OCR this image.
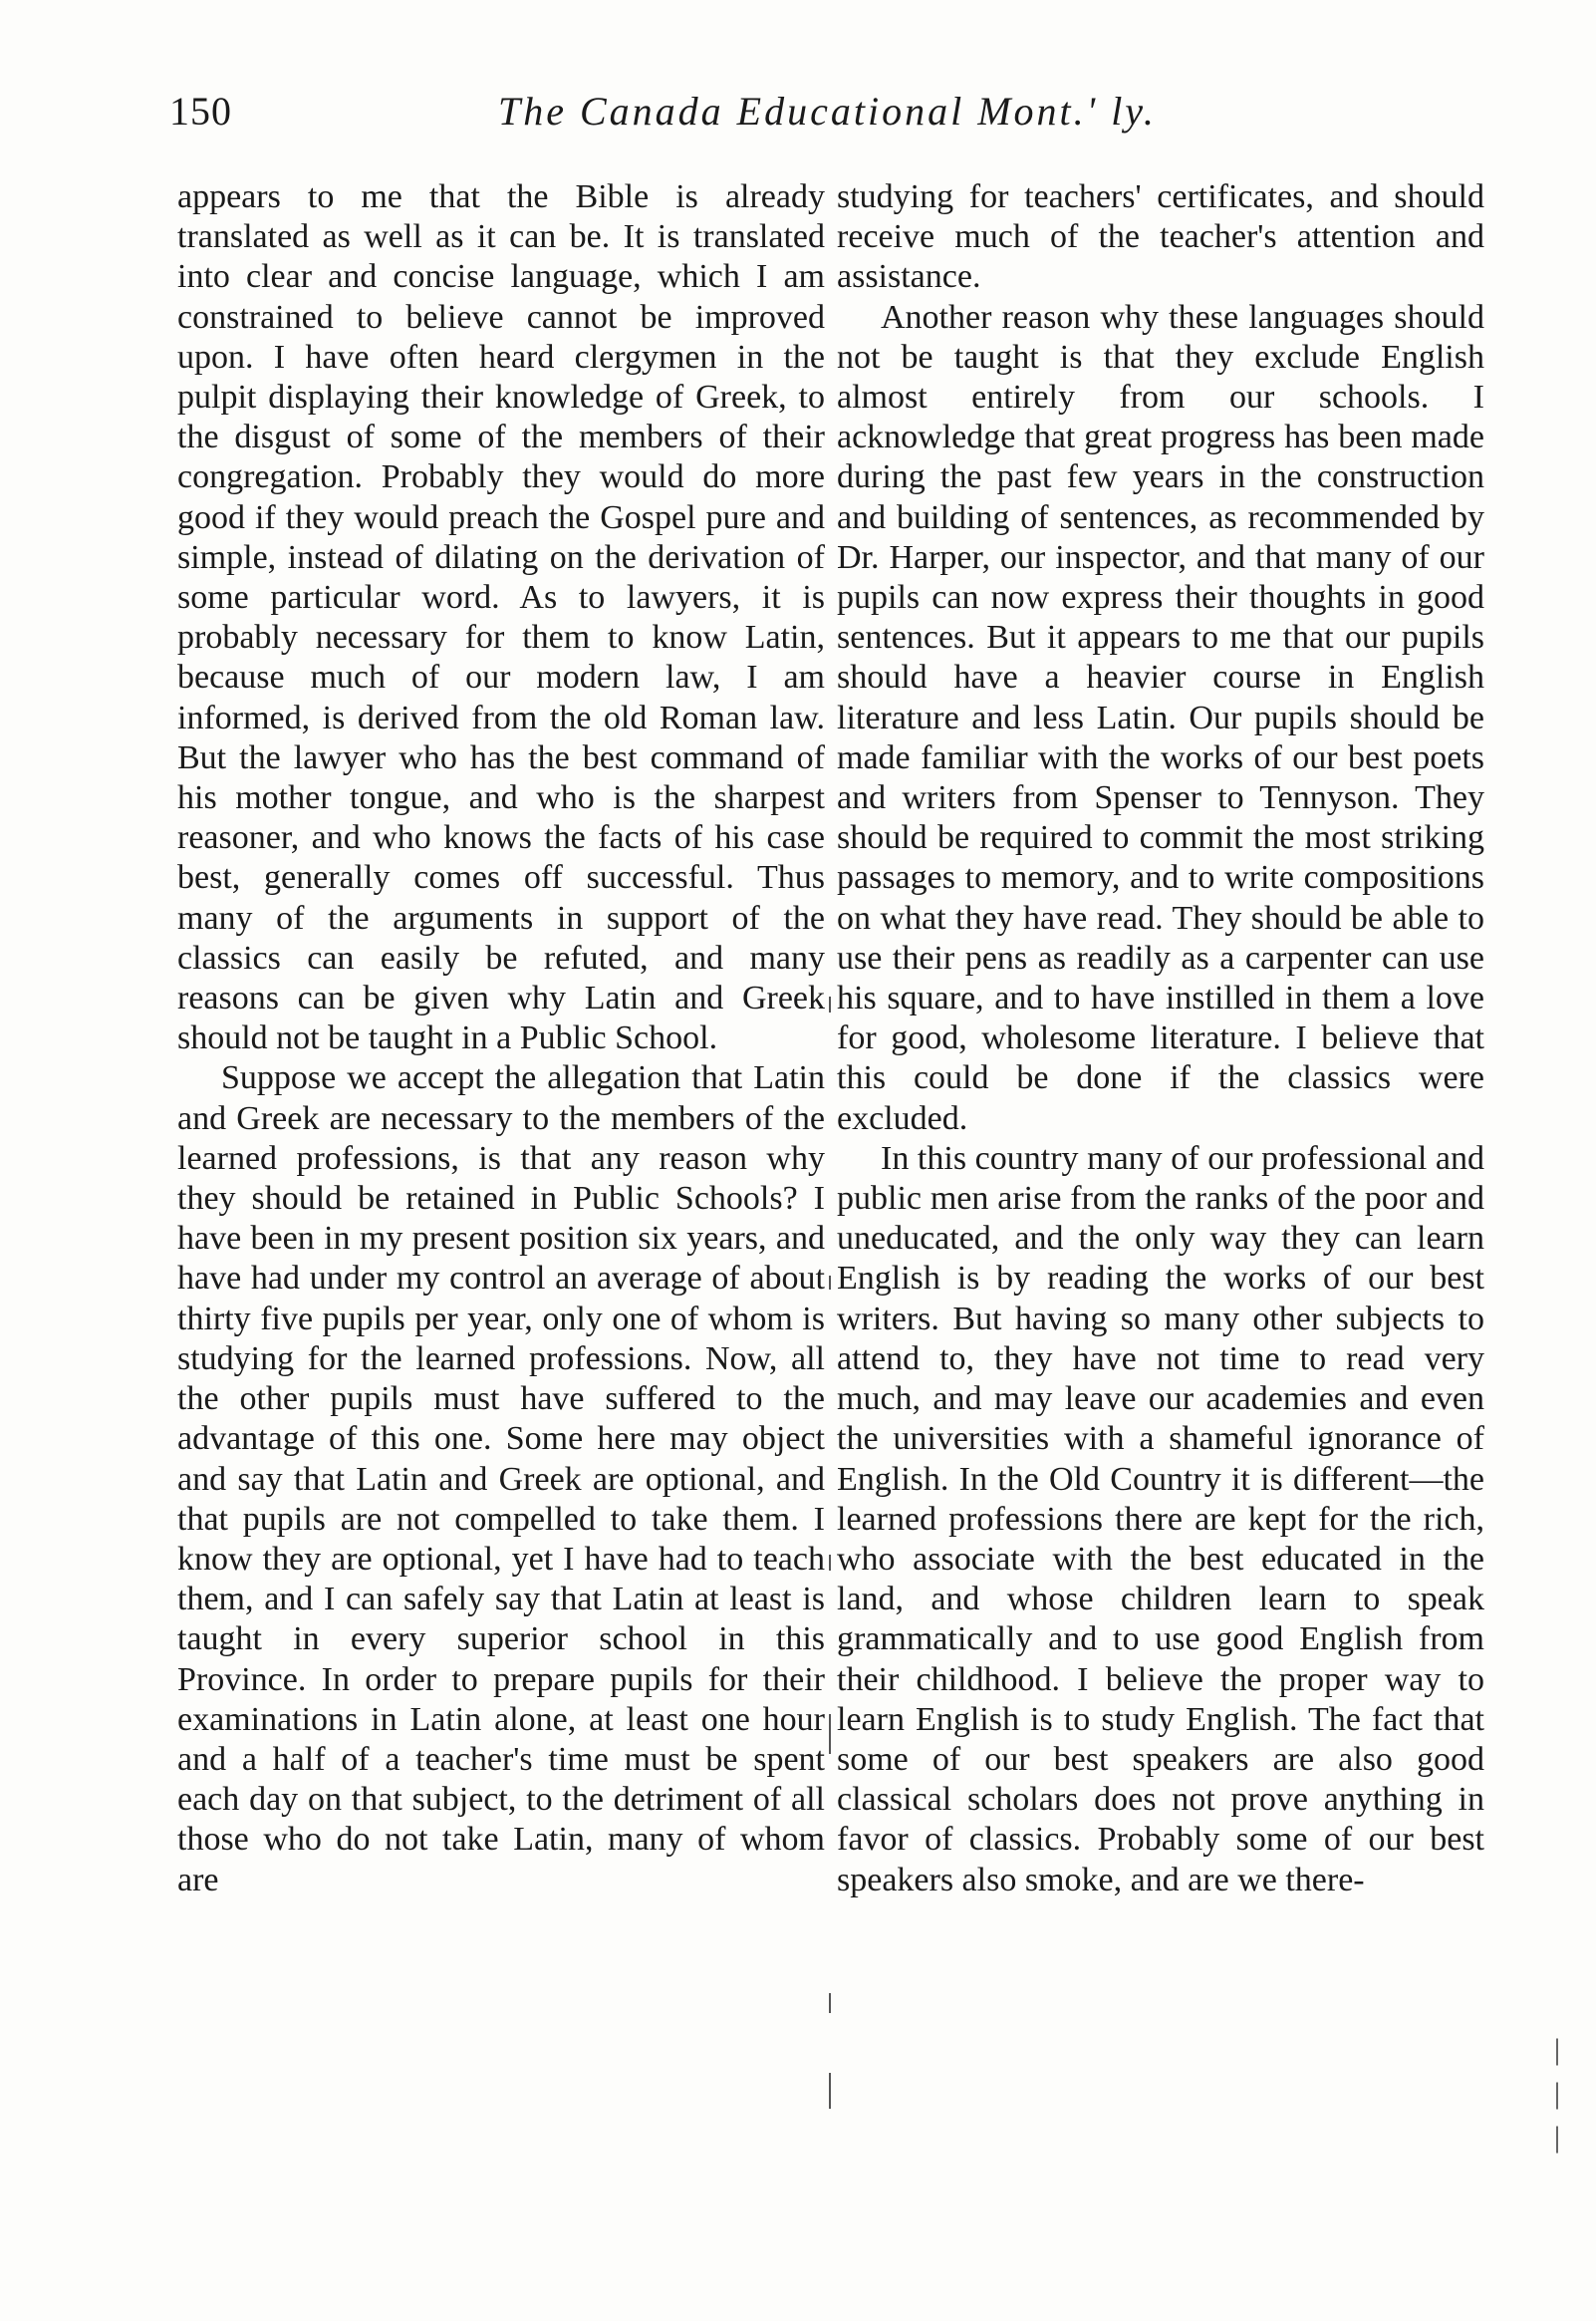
150	The Canada Educational Mont.' ly.

appears to me that the Bible is already translated as well as it can be. It is translated into clear and concise language, which I am constrained to believe cannot be improved upon. I have often heard clergymen in the pulpit displaying their knowledge of Greek, to the disgust of some of the members of their congregation. Probably they would do more good if they would preach the Gospel pure and simple, instead of dilating on the derivation of some particular word. As to lawyers, it is probably necessary for them to know Latin, because much of our modern law, I am informed, is derived from the old Roman law. But the lawyer who has the best command of his mother tongue, and who is the sharpest reasoner, and who knows the facts of his case best, generally comes off successful. Thus many of the arguments in support of the classics can easily be refuted, and many reasons can be given why Latin and Greek should not be taught in a Public School.

Suppose we accept the allegation that Latin and Greek are necessary to the members of the learned professions, is that any reason why they should be retained in Public Schools? I have been in my present position six years, and have had under my control an average of about thirty five pupils per year, only one of whom is studying for the learned professions. Now, all the other pupils must have suffered to the advantage of this one. Some here may object and say that Latin and Greek are optional, and that pupils are not compelled to take them. I know they are optional, yet I have had to teach them, and I can safely say that Latin at least is taught in every superior school in this Province. In order to prepare pupils for their examinations in Latin alone, at least one hour and a half of a teacher's time must be spent each day on that subject, to the detriment of all those who do not take Latin, many of whom are

studying for teachers' certificates, and should receive much of the teacher's attention and assistance.

Another reason why these languages should not be taught is that they exclude English almost entirely from our schools. I acknowledge that great progress has been made during the past few years in the construction and building of sentences, as recommended by Dr. Harper, our inspector, and that many of our pupils can now express their thoughts in good sentences. But it appears to me that our pupils should have a heavier course in English literature and less Latin. Our pupils should be made familiar with the works of our best poets and writers from Spenser to Tennyson. They should be required to commit the most striking passages to memory, and to write compositions on what they have read. They should be able to use their pens as readily as a carpenter can use his square, and to have instilled in them a love for good, wholesome literature. I believe that this could be done if the classics were excluded.

In this country many of our professional and public men arise from the ranks of the poor and uneducated, and the only way they can learn English is by reading the works of our best writers. But having so many other subjects to attend to, they have not time to read very much, and may leave our academies and even the universities with a shameful ignorance of English. In the Old Country it is different—the learned professions there are kept for the rich, who associate with the best educated in the land, and whose children learn to speak grammatically and to use good English from their childhood. I believe the proper way to learn English is to study English. The fact that some of our best speakers are also good classical scholars does not prove anything in favor of classics. Probably some of our best speakers also smoke, and are we there-

|
|
|
